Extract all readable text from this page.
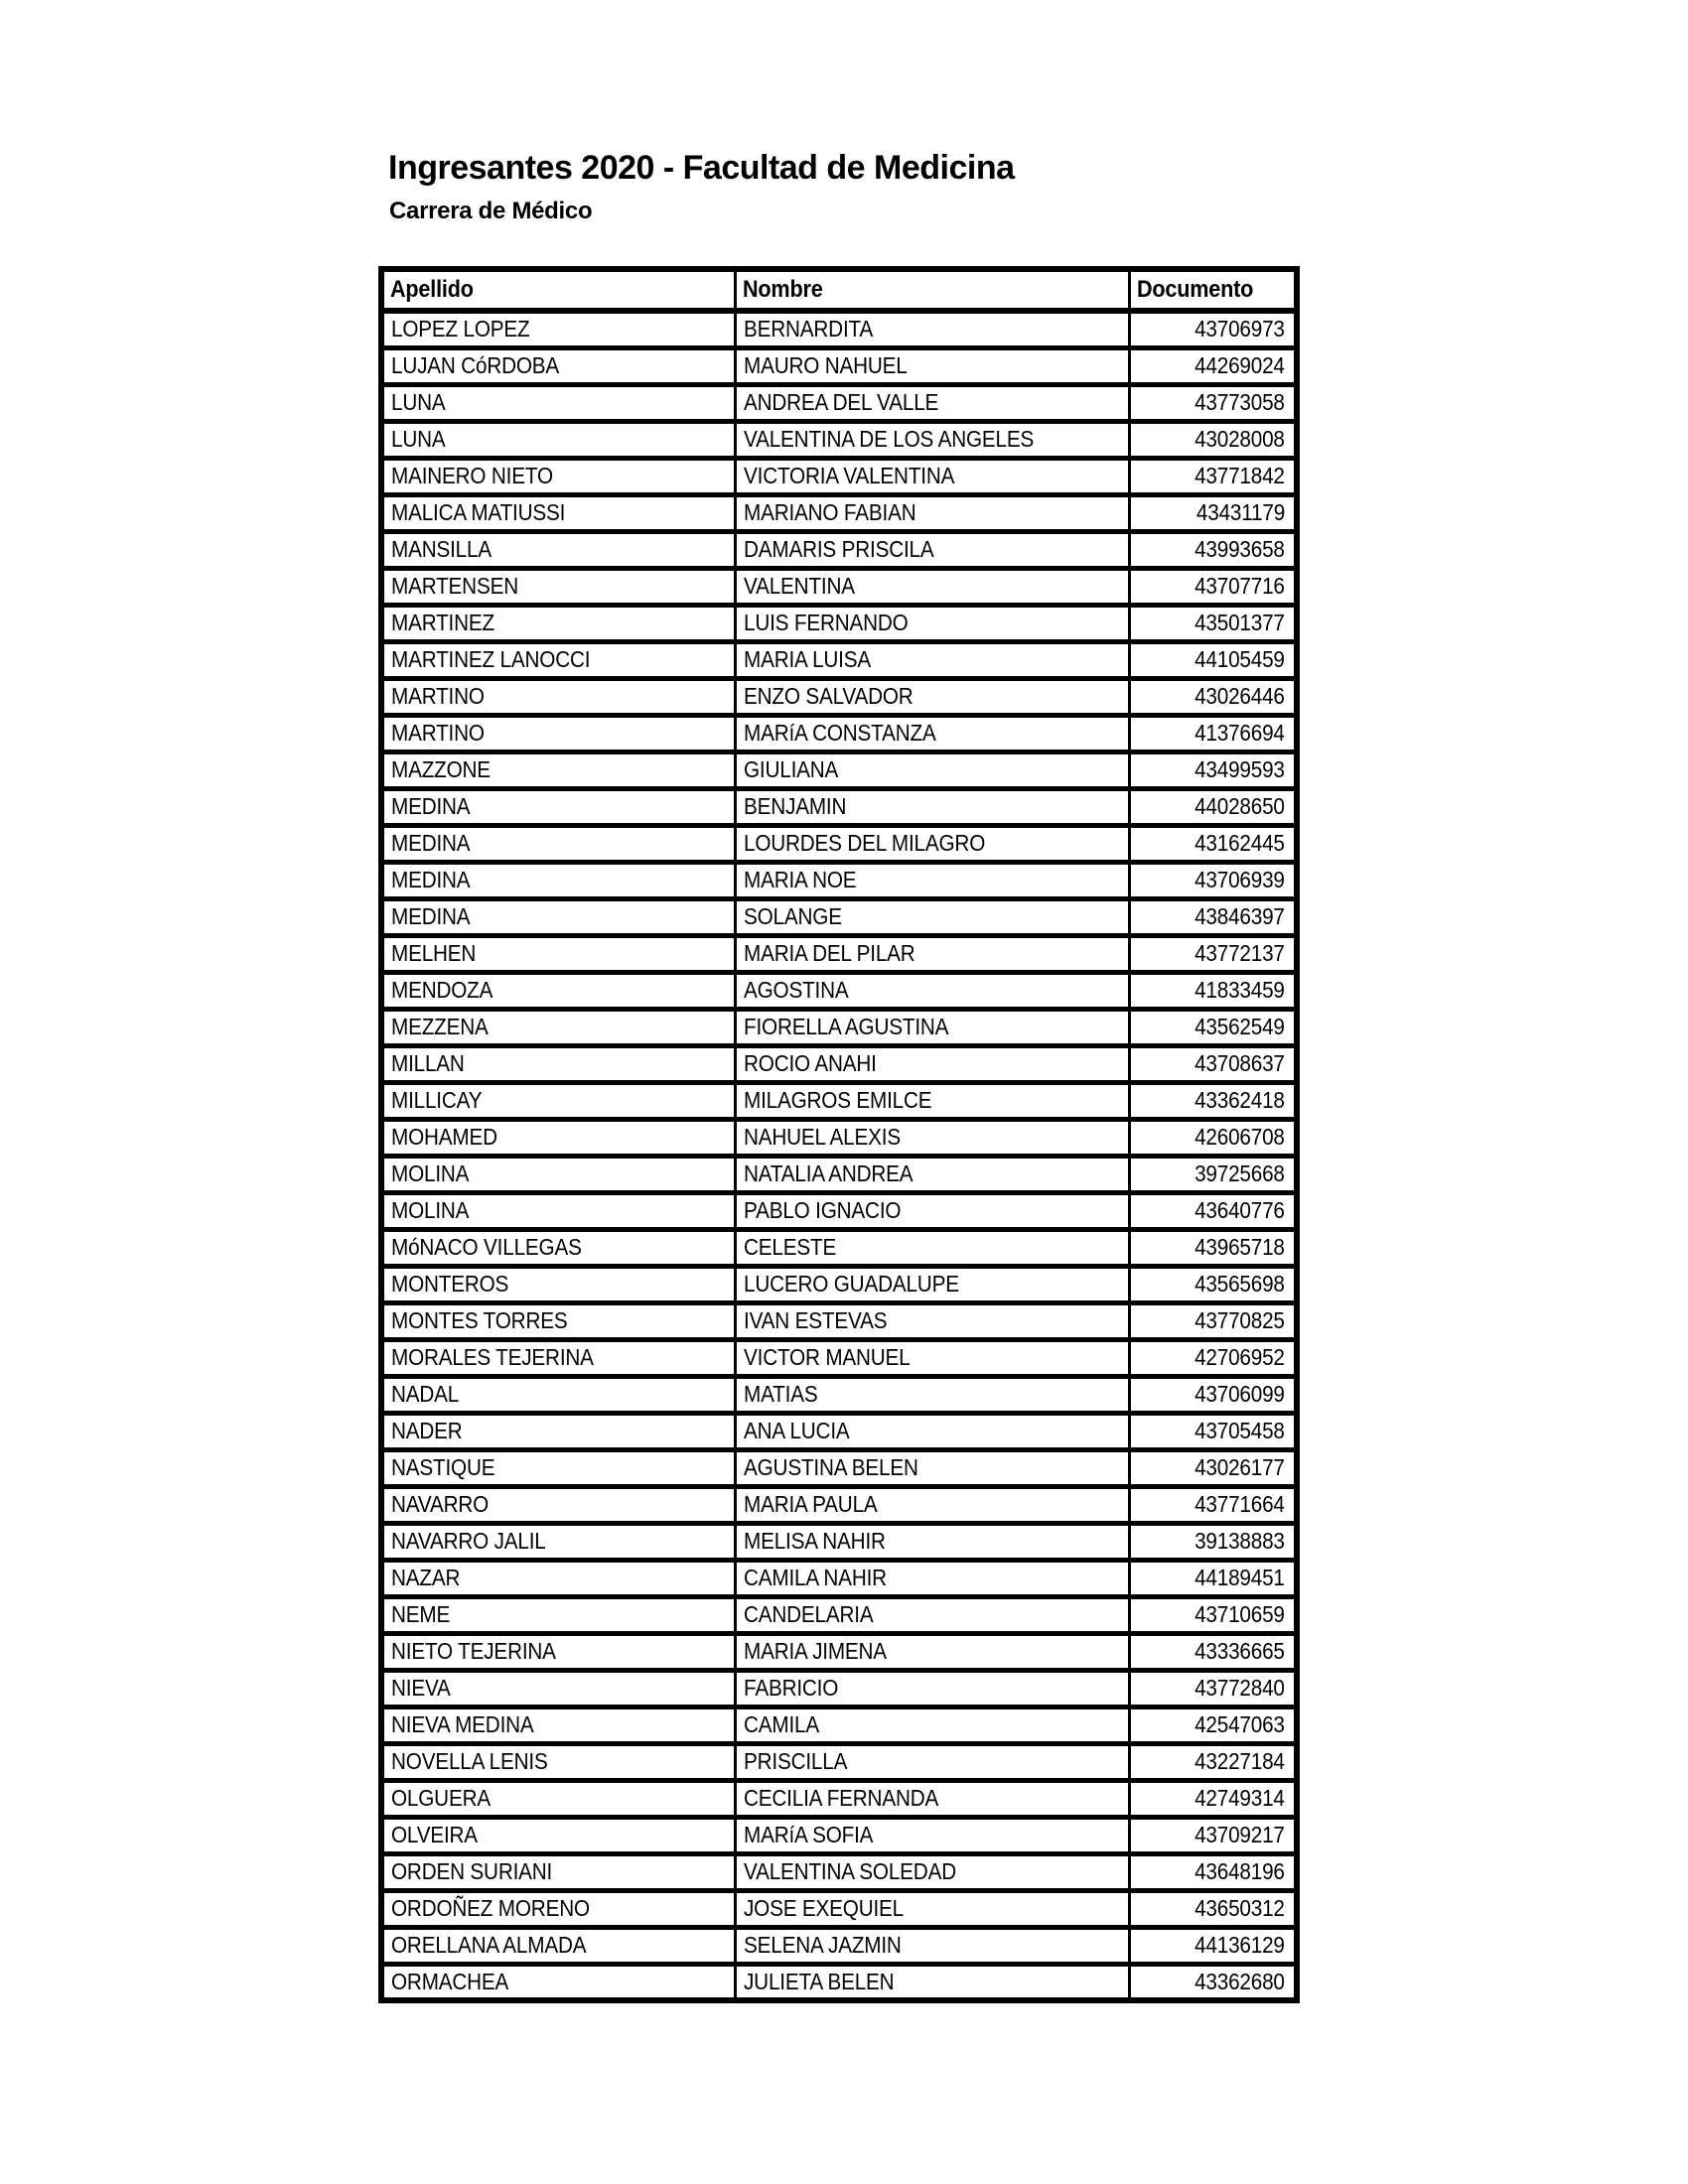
Ingresantes 2020 - Facultad de Medicina
Carrera de Médico
Apellido	Nombre	Documento
LOPEZ LOPEZ	BERNARDITA	43706973
LUJAN CóRDOBA	MAURO NAHUEL	44269024
LUNA	ANDREA DEL VALLE	43773058
LUNA	VALENTINA DE LOS ANGELES	43028008
MAINERO NIETO	VICTORIA VALENTINA	43771842
MALICA MATIUSSI	MARIANO FABIAN	43431179
MANSILLA	DAMARIS PRISCILA	43993658
MARTENSEN	VALENTINA	43707716
MARTINEZ	LUIS FERNANDO	43501377
MARTINEZ LANOCCI	MARIA LUISA	44105459
MARTINO	ENZO SALVADOR	43026446
MARTINO	MARíA CONSTANZA	41376694
MAZZONE	GIULIANA	43499593
MEDINA	BENJAMIN	44028650
MEDINA	LOURDES DEL MILAGRO	43162445
MEDINA	MARIA NOE	43706939
MEDINA	SOLANGE	43846397
MELHEN	MARIA DEL PILAR	43772137
MENDOZA	AGOSTINA	41833459
MEZZENA	FIORELLA AGUSTINA	43562549
MILLAN	ROCIO ANAHI	43708637
MILLICAY	MILAGROS EMILCE	43362418
MOHAMED	NAHUEL ALEXIS	42606708
MOLINA	NATALIA ANDREA	39725668
MOLINA	PABLO IGNACIO	43640776
MóNACO VILLEGAS	CELESTE	43965718
MONTEROS	LUCERO GUADALUPE	43565698
MONTES TORRES	IVAN ESTEVAS	43770825
MORALES TEJERINA	VICTOR MANUEL	42706952
NADAL	MATIAS	43706099
NADER	ANA LUCIA	43705458
NASTIQUE	AGUSTINA BELEN	43026177
NAVARRO	MARIA PAULA	43771664
NAVARRO JALIL	MELISA NAHIR	39138883
NAZAR	CAMILA NAHIR	44189451
NEME	CANDELARIA	43710659
NIETO TEJERINA	MARIA JIMENA	43336665
NIEVA	FABRICIO	43772840
NIEVA MEDINA	CAMILA	42547063
NOVELLA LENIS	PRISCILLA	43227184
OLGUERA	CECILIA FERNANDA	42749314
OLVEIRA	MARíA SOFIA	43709217
ORDEN SURIANI	VALENTINA SOLEDAD	43648196
ORDOÑEZ MORENO	JOSE EXEQUIEL	43650312
ORELLANA ALMADA	SELENA JAZMIN	44136129
ORMACHEA	JULIETA BELEN	43362680
